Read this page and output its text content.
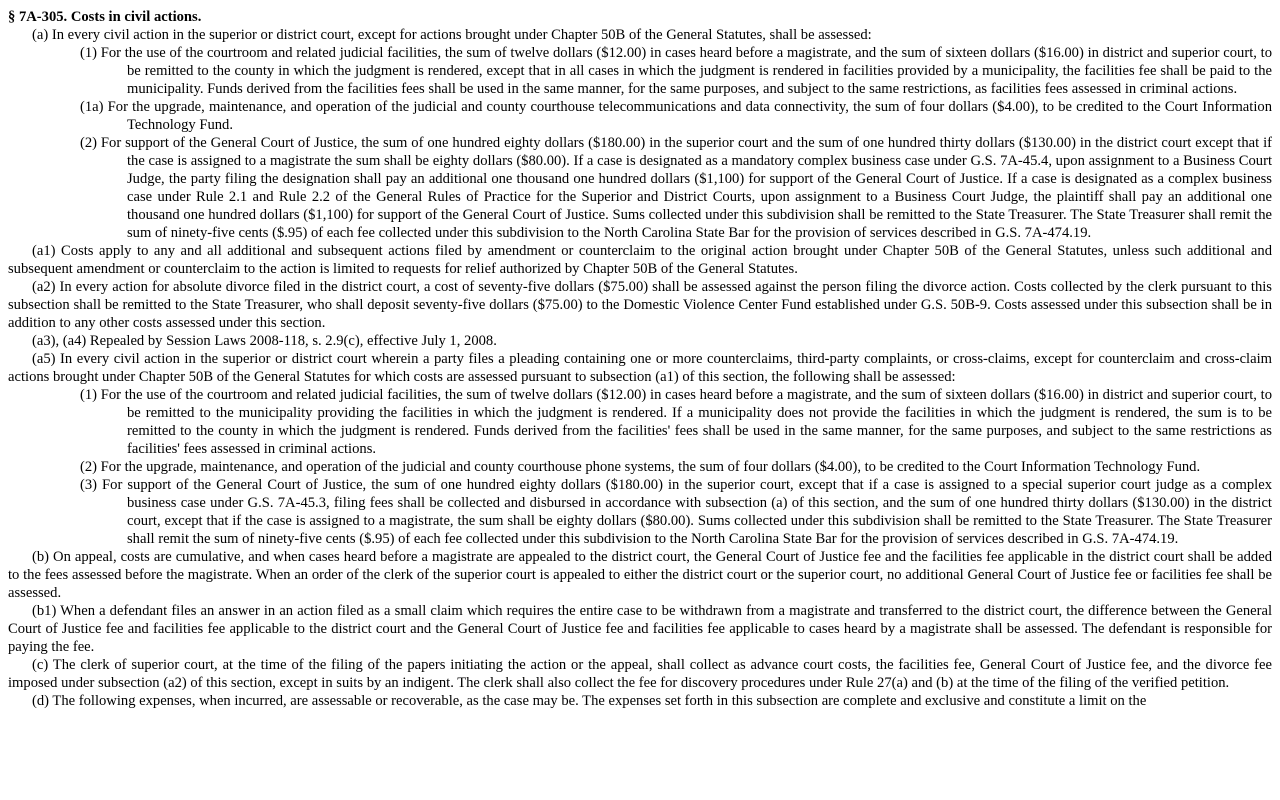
§ 7A-305. Costs in civil actions.

(a) In every civil action in the superior or district court, except for actions brought under Chapter 50B of the General Statutes, shall be assessed:

(1) For the use of the courtroom and related judicial facilities, the sum of twelve dollars ($12.00) in cases heard before a magistrate, and the sum of sixteen dollars ($16.00) in district and superior court, to be remitted to the county in which the judgment is rendered, except that in all cases in which the judgment is rendered in facilities provided by a municipality, the facilities fee shall be paid to the municipality. Funds derived from the facilities fees shall be used in the same manner, for the same purposes, and subject to the same restrictions, as facilities fees assessed in criminal actions.

(1a) For the upgrade, maintenance, and operation of the judicial and county courthouse telecommunications and data connectivity, the sum of four dollars ($4.00), to be credited to the Court Information Technology Fund.

(2) For support of the General Court of Justice, the sum of one hundred eighty dollars ($180.00) in the superior court and the sum of one hundred thirty dollars ($130.00) in the district court except that if the case is assigned to a magistrate the sum shall be eighty dollars ($80.00). If a case is designated as a mandatory complex business case under G.S. 7A-45.4, upon assignment to a Business Court Judge, the party filing the designation shall pay an additional one thousand one hundred dollars ($1,100) for support of the General Court of Justice. If a case is designated as a complex business case under Rule 2.1 and Rule 2.2 of the General Rules of Practice for the Superior and District Courts, upon assignment to a Business Court Judge, the plaintiff shall pay an additional one thousand one hundred dollars ($1,100) for support of the General Court of Justice. Sums collected under this subdivision shall be remitted to the State Treasurer. The State Treasurer shall remit the sum of ninety-five cents ($.95) of each fee collected under this subdivision to the North Carolina State Bar for the provision of services described in G.S. 7A-474.19.

(a1) Costs apply to any and all additional and subsequent actions filed by amendment or counterclaim to the original action brought under Chapter 50B of the General Statutes, unless such additional and subsequent amendment or counterclaim to the action is limited to requests for relief authorized by Chapter 50B of the General Statutes.

(a2) In every action for absolute divorce filed in the district court, a cost of seventy-five dollars ($75.00) shall be assessed against the person filing the divorce action. Costs collected by the clerk pursuant to this subsection shall be remitted to the State Treasurer, who shall deposit seventy-five dollars ($75.00) to the Domestic Violence Center Fund established under G.S. 50B-9. Costs assessed under this subsection shall be in addition to any other costs assessed under this section.

(a3), (a4) Repealed by Session Laws 2008-118, s. 2.9(c), effective July 1, 2008.

(a5) In every civil action in the superior or district court wherein a party files a pleading containing one or more counterclaims, third-party complaints, or cross-claims, except for counterclaim and cross-claim actions brought under Chapter 50B of the General Statutes for which costs are assessed pursuant to subsection (a1) of this section, the following shall be assessed:

(1) For the use of the courtroom and related judicial facilities, the sum of twelve dollars ($12.00) in cases heard before a magistrate, and the sum of sixteen dollars ($16.00) in district and superior court, to be remitted to the municipality providing the facilities in which the judgment is rendered. If a municipality does not provide the facilities in which the judgment is rendered, the sum is to be remitted to the county in which the judgment is rendered. Funds derived from the facilities' fees shall be used in the same manner, for the same purposes, and subject to the same restrictions as facilities' fees assessed in criminal actions.

(2) For the upgrade, maintenance, and operation of the judicial and county courthouse phone systems, the sum of four dollars ($4.00), to be credited to the Court Information Technology Fund.

(3) For support of the General Court of Justice, the sum of one hundred eighty dollars ($180.00) in the superior court, except that if a case is assigned to a special superior court judge as a complex business case under G.S. 7A-45.3, filing fees shall be collected and disbursed in accordance with subsection (a) of this section, and the sum of one hundred thirty dollars ($130.00) in the district court, except that if the case is assigned to a magistrate, the sum shall be eighty dollars ($80.00). Sums collected under this subdivision shall be remitted to the State Treasurer. The State Treasurer shall remit the sum of ninety-five cents ($.95) of each fee collected under this subdivision to the North Carolina State Bar for the provision of services described in G.S. 7A-474.19.

(b) On appeal, costs are cumulative, and when cases heard before a magistrate are appealed to the district court, the General Court of Justice fee and the facilities fee applicable in the district court shall be added to the fees assessed before the magistrate. When an order of the clerk of the superior court is appealed to either the district court or the superior court, no additional General Court of Justice fee or facilities fee shall be assessed.

(b1) When a defendant files an answer in an action filed as a small claim which requires the entire case to be withdrawn from a magistrate and transferred to the district court, the difference between the General Court of Justice fee and facilities fee applicable to the district court and the General Court of Justice fee and facilities fee applicable to cases heard by a magistrate shall be assessed. The defendant is responsible for paying the fee.

(c) The clerk of superior court, at the time of the filing of the papers initiating the action or the appeal, shall collect as advance court costs, the facilities fee, General Court of Justice fee, and the divorce fee imposed under subsection (a2) of this section, except in suits by an indigent. The clerk shall also collect the fee for discovery procedures under Rule 27(a) and (b) at the time of the filing of the verified petition.

(d) The following expenses, when incurred, are assessable or recoverable, as the case may be. The expenses set forth in this subsection are complete and exclusive and constitute a limit on the
